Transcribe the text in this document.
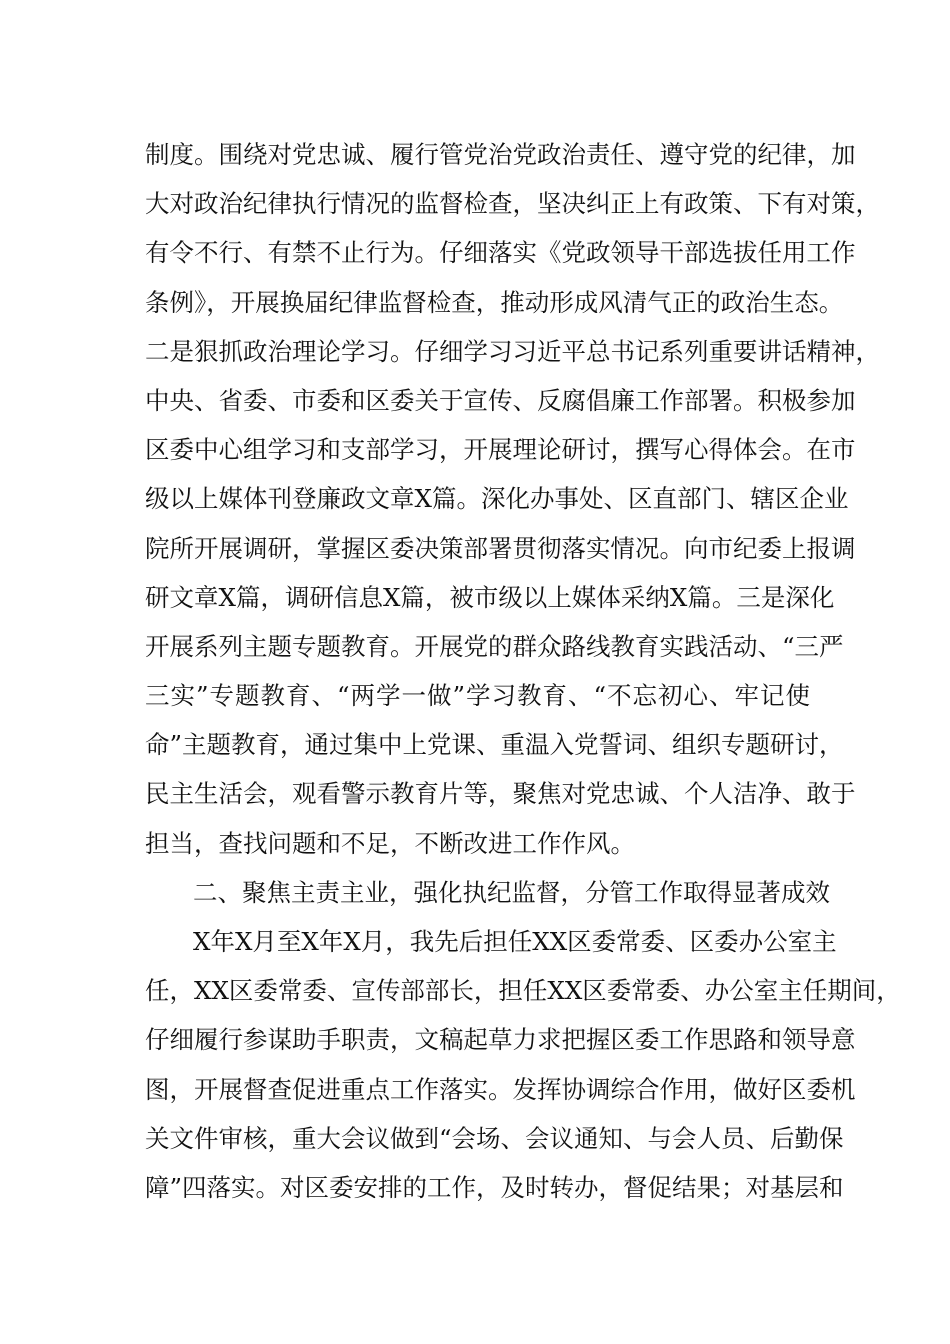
制度。围绕对党忠诚、履行管党治党政治责任、遵守党的纪律，加
大对政治纪律执行情况的监督检查，坚决纠正上有政策、下有对策，
有令不行、有禁不止行为。仔细落实《党政领导干部选拔任用工作
条例》，开展换届纪律监督检查，推动形成风清气正的政治生态。
二是狠抓政治理论学习。仔细学习习近平总书记系列重要讲话精神，
中央、省委、市委和区委关于宣传、反腐倡廉工作部署。积极参加
区委中心组学习和支部学习，开展理论研讨，撰写心得体会。在市
级以上媒体刊登廉政文章X篇。深化办事处、区直部门、辖区企业
院所开展调研，掌握区委决策部署贯彻落实情况。向市纪委上报调
研文章X篇，调研信息X篇，被市级以上媒体采纳X篇。三是深化
开展系列主题专题教育。开展党的群众路线教育实践活动、“三严
三实”专题教育、“两学一做”学习教育、“不忘初心、牢记使
命”主题教育，通过集中上党课、重温入党誓词、组织专题研讨，
民主生活会，观看警示教育片等，聚焦对党忠诚、个人洁净、敢于
担当，查找问题和不足，不断改进工作作风。
二、聚焦主责主业，强化执纪监督，分管工作取得显著成效
X年X月至X年X月，我先后担任XX区委常委、区委办公室主
任，XX区委常委、宣传部部长，担任XX区委常委、办公室主任期间，
仔细履行参谋助手职责，文稿起草力求把握区委工作思路和领导意
图，开展督查促进重点工作落实。发挥协调综合作用，做好区委机
关文件审核，重大会议做到“会场、会议通知、与会人员、后勤保
障”四落实。对区委安排的工作，及时转办，督促结果；对基层和
